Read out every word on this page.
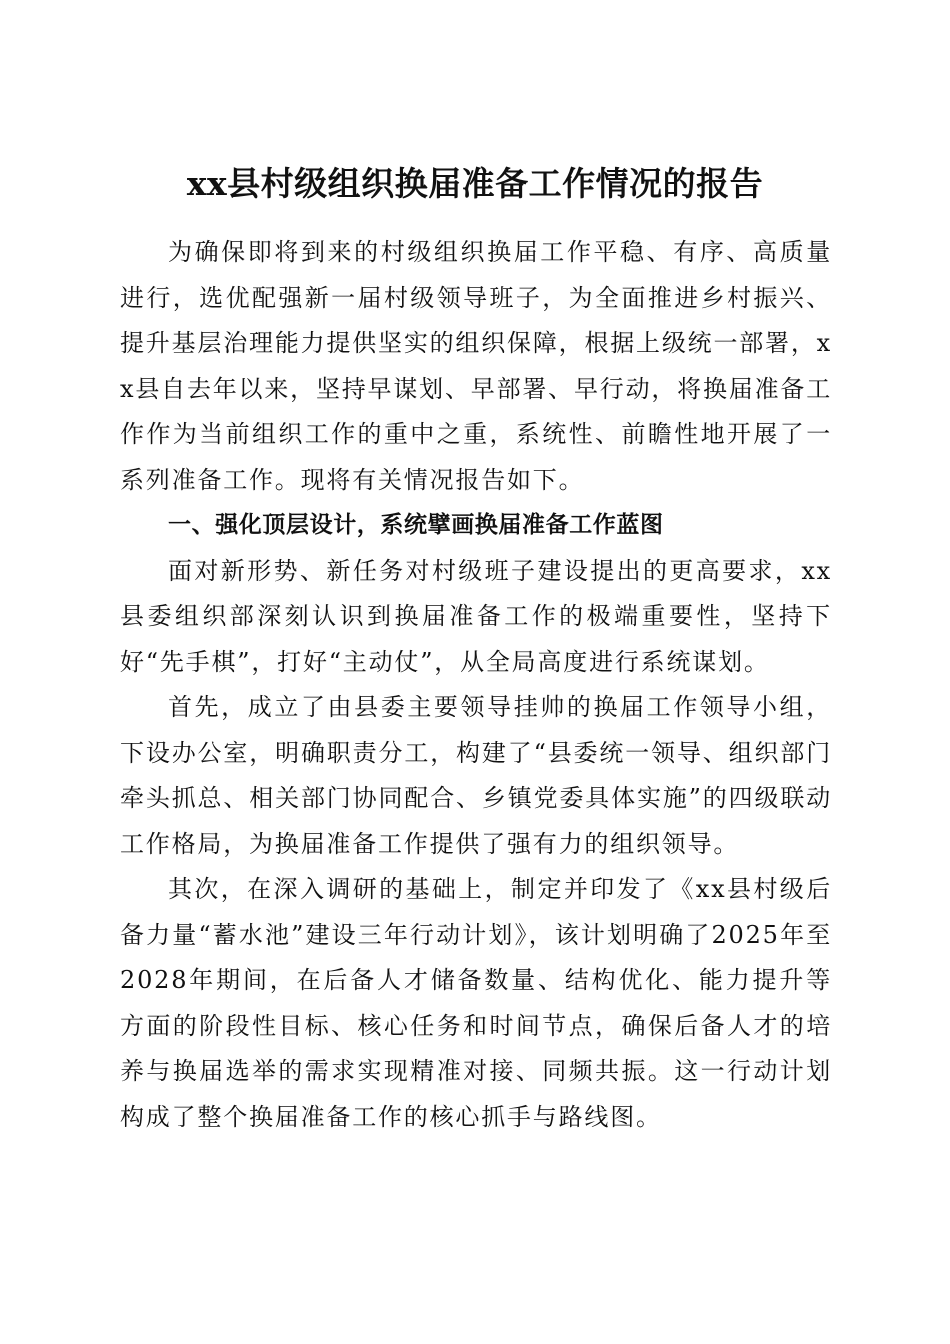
xx县村级组织换届准备工作情况的报告

为确保即将到来的村级组织换届工作平稳、有序、高质量进行，选优配强新一届村级领导班子，为全面推进乡村振兴、提升基层治理能力提供坚实的组织保障，根据上级统一部署，xx县自去年以来，坚持早谋划、早部署、早行动，将换届准备工作作为当前组织工作的重中之重，系统性、前瞻性地开展了一系列准备工作。现将有关情况报告如下。

一、强化顶层设计，系统擘画换届准备工作蓝图

面对新形势、新任务对村级班子建设提出的更高要求，xx县委组织部深刻认识到换届准备工作的极端重要性，坚持下好“先手棋”，打好“主动仗”，从全局高度进行系统谋划。

首先，成立了由县委主要领导挂帅的换届工作领导小组，下设办公室，明确职责分工，构建了“县委统一领导、组织部门牵头抓总、相关部门协同配合、乡镇党委具体实施”的四级联动工作格局，为换届准备工作提供了强有力的组织领导。

其次，在深入调研的基础上，制定并印发了《xx县村级后备力量“蓄水池”建设三年行动计划》，该计划明确了2025年至2028年期间，在后备人才储备数量、结构优化、能力提升等方面的阶段性目标、核心任务和时间节点，确保后备人才的培养与换届选举的需求实现精准对接、同频共振。这一行动计划构成了整个换届准备工作的核心抓手与路线图。
